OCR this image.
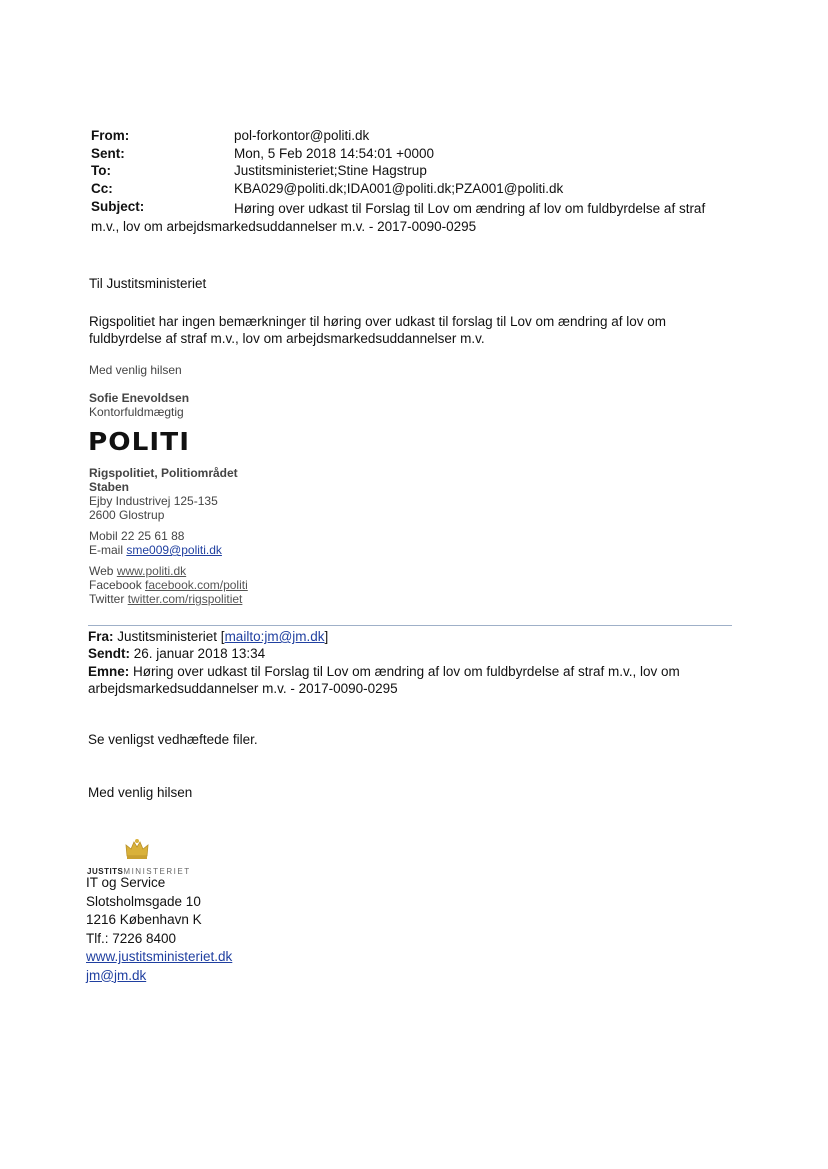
From:	pol-forkontor@politi.dk
Sent:	Mon, 5 Feb 2018 14:54:01 +0000
To:	Justitsministeriet;Stine Hagstrup
Cc:	KBA029@politi.dk;IDA001@politi.dk;PZA001@politi.dk
Subject:	Høring over udkast til Forslag til Lov om ændring af lov om fuldbyrdelse af straf
m.v., lov om arbejdsmarkedsuddannelser m.v. - 2017-0090-0295
Til Justitsministeriet
Rigspolitiet har ingen bemærkninger til høring over udkast til forslag til Lov om ændring af lov om
fuldbyrdelse af straf m.v., lov om arbejdsmarkedsuddannelser m.v.
Med venlig hilsen
Sofie Enevoldsen
Kontorfuldmægtig
POLITI
Rigspolitiet, Politiområdet
Staben
Ejby Industrivej 125-135
2600 Glostrup
Mobil 22 25 61 88
E-mail sme009@politi.dk
Web www.politi.dk
Facebook facebook.com/politi
Twitter twitter.com/rigspolitiet
Fra: Justitsministeriet [mailto:jm@jm.dk]
Sendt: 26. januar 2018 13:34
Emne: Høring over udkast til Forslag til Lov om ændring af lov om fuldbyrdelse af straf m.v., lov om
arbejdsmarkedsuddannelser m.v. - 2017-0090-0295
Se venligst vedhæftede filer.
Med venlig hilsen
JUSTITSMINISTERIET
IT og Service
Slotsholmsgade 10
1216 København K
Tlf.: 7226 8400
www.justitsministeriet.dk
jm@jm.dk
